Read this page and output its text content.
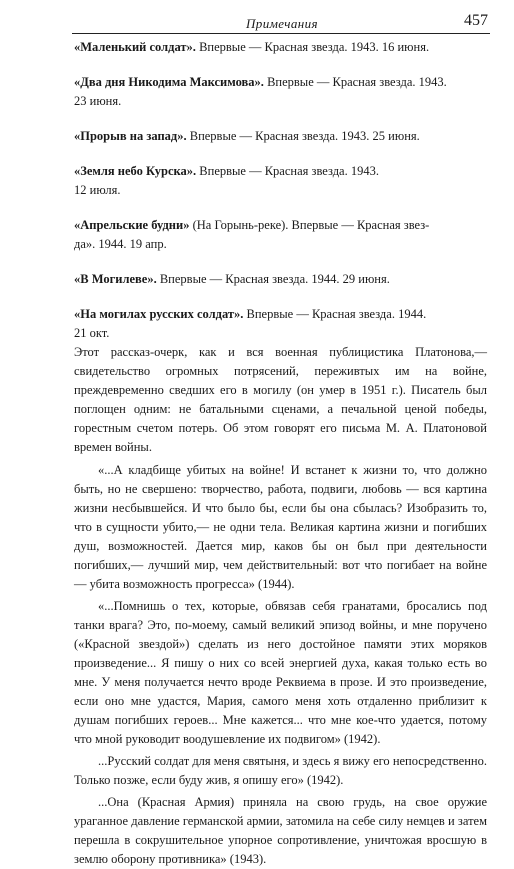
Примечания	457

«Маленький солдат». Впервые — Красная звезда. 1943. 16 июня.

«Два дня Никодима Максимова». Впервые — Красная звезда. 1943.

23 июня.

«Прорыв на запад». Впервые — Красная звезда. 1943. 25 июня.

«Земля небо Курска». Впервые — Красная звезда. 1943.

12 июля.

«Апрельские будни» (На Горынь-реке). Впервые — Красная звез-

да». 1944. 19 апр.

«В Могилеве». Впервые — Красная звезда. 1944. 29 июня.

«На могилах русских солдат». Впервые — Красная звезда. 1944.

21 окт.

Этот рассказ-очерк, как и вся военная публицистика Платонова,— свидетельство огромных потрясений, переживтых им на войне, преждевременно сведших его в могилу (он умер в 1951 г.). Писатель был поглощен одним: не батальными сценами, а печальной ценой победы, горестным счетом потерь. Об этом говорят его письма М. А. Платоновой времен войны.

«...А кладбище убитых на войне! И встанет к жизни то, что должно быть, но не свершено: творчество, работа, подвиги, любовь — вся картина жизни несбывшейся. И что было бы, если бы она сбылась? Изобразить то, что в сущности убито,— не одни тела. Великая картина жизни и погибших душ, возможностей. Дается мир, каков бы он был при деятельности погибших,— лучший мир, чем действительный: вот что погибает на войне — убита возможность прогресса» (1944).

«...Помнишь о тех, которые, обвязав себя гранатами, бросались под танки врага? Это, по-моему, самый великий эпизод войны, и мне поручено («Красной звездой») сделать из него достойное памяти этих моряков произведение... Я пишу о них со всей энергией духа, какая только есть во мне. У меня получается нечто вроде Реквиема в прозе. И это произведение, если оно мне удастся, Мария, самого меня хоть отдаленно приблизит к душам погибших героев... Мне кажется... что мне кое-что удается, потому что мной руководит воодушевление их подвигом» (1942).

...Русский солдат для меня святыня, и здесь я вижу его непосредственно. Только позже, если буду жив, я опишу его» (1942).

...Она (Красная Армия) приняла на свою грудь, на свое оружие ураганное давление германской армии, затомила на себе силу немцев и затем перешла в сокрушительное упорное сопротивление, уничтожая вросшую в землю оборону противника» (1943).
